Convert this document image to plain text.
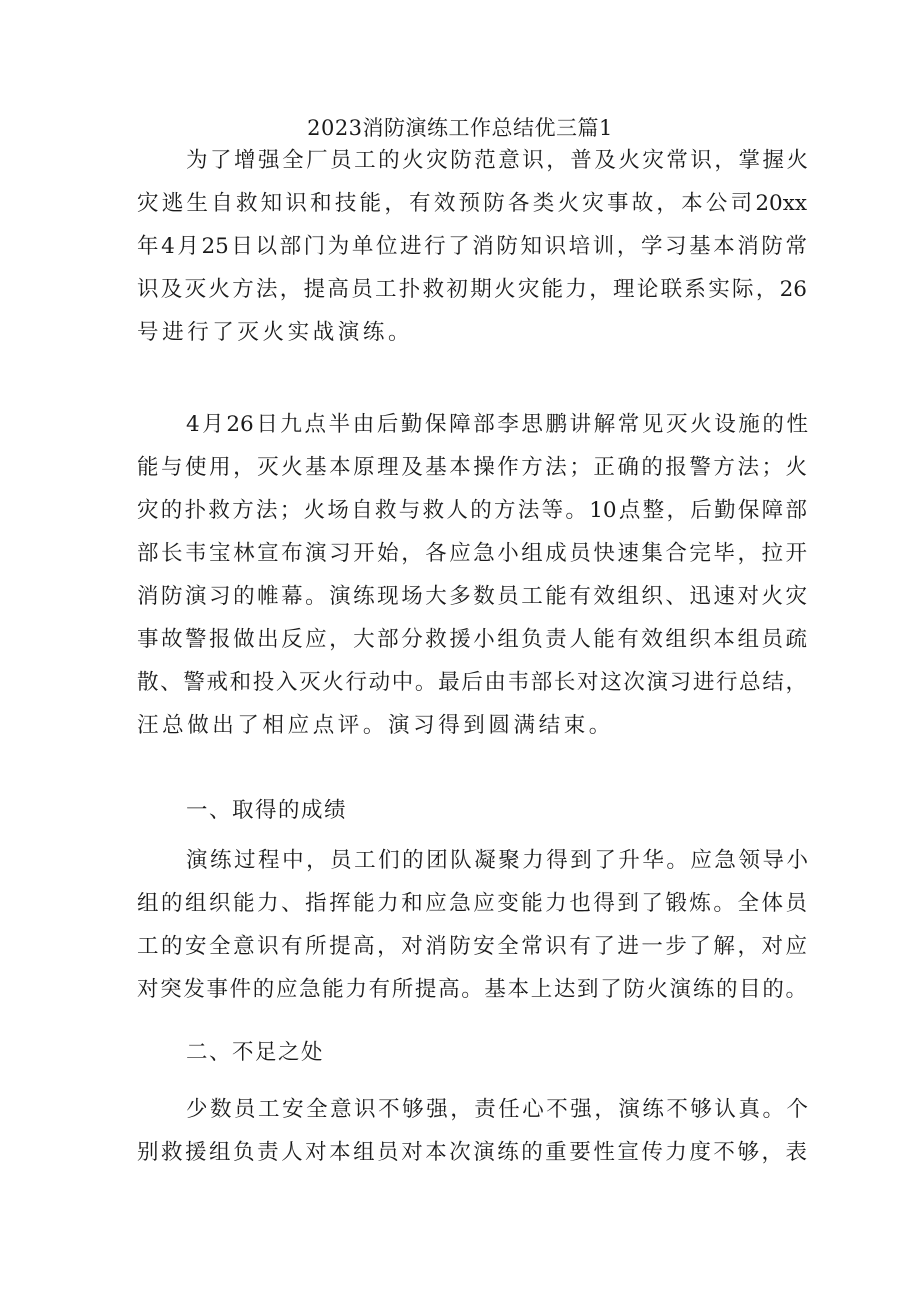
2023消防演练工作总结优三篇1
为了增强全厂员工的火灾防范意识，普及火灾常识，掌握火
灾逃生自救知识和技能，有效预防各类火灾事故，本公司20xx
年4月25日以部门为单位进行了消防知识培训，学习基本消防常
识及灭火方法，提高员工扑救初期火灾能力，理论联系实际，26
号进行了灭火实战演练。
4月26日九点半由后勤保障部李思鹏讲解常见灭火设施的性
能与使用，灭火基本原理及基本操作方法；正确的报警方法；火
灾的扑救方法；火场自救与救人的方法等。10点整，后勤保障部
部长韦宝林宣布演习开始，各应急小组成员快速集合完毕，拉开
消防演习的帷幕。演练现场大多数员工能有效组织、迅速对火灾
事故警报做出反应，大部分救援小组负责人能有效组织本组员疏
散、警戒和投入灭火行动中。最后由韦部长对这次演习进行总结，
汪总做出了相应点评。演习得到圆满结束。
一、取得的成绩
演练过程中，员工们的团队凝聚力得到了升华。应急领导小
组的组织能力、指挥能力和应急应变能力也得到了锻炼。全体员
工的安全意识有所提高，对消防安全常识有了进一步了解，对应
对突发事件的应急能力有所提高。基本上达到了防火演练的目的。
二、不足之处
少数员工安全意识不够强，责任心不强，演练不够认真。个
别救援组负责人对本组员对本次演练的重要性宣传力度不够，表
